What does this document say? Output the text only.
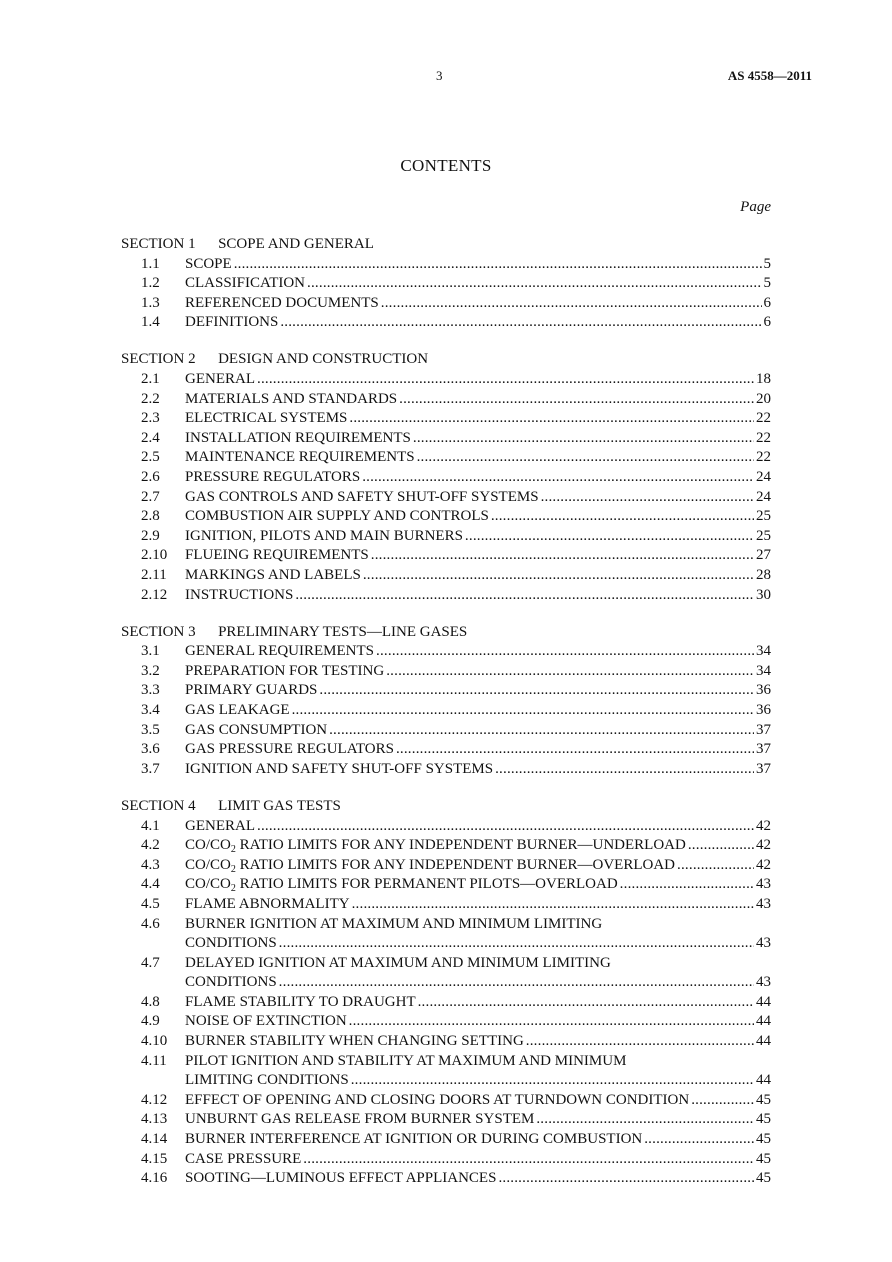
3	AS 4558—2011
CONTENTS
Page
SECTION 1   SCOPE AND GENERAL
1.1	SCOPE .....	5
1.2	CLASSIFICATION .....	5
1.3	REFERENCED DOCUMENTS .....	6
1.4	DEFINITIONS .....	6
SECTION 2   DESIGN AND CONSTRUCTION
2.1	GENERAL .....	18
2.2	MATERIALS AND STANDARDS .....	20
2.3	ELECTRICAL SYSTEMS .....	22
2.4	INSTALLATION REQUIREMENTS .....	22
2.5	MAINTENANCE REQUIREMENTS .....	22
2.6	PRESSURE REGULATORS .....	24
2.7	GAS CONTROLS AND SAFETY SHUT-OFF SYSTEMS .....	24
2.8	COMBUSTION AIR SUPPLY AND CONTROLS .....	25
2.9	IGNITION, PILOTS AND MAIN BURNERS .....	25
2.10	FLUEING REQUIREMENTS .....	27
2.11	MARKINGS AND LABELS .....	28
2.12	INSTRUCTIONS .....	30
SECTION 3   PRELIMINARY TESTS—LINE GASES
3.1	GENERAL REQUIREMENTS .....	34
3.2	PREPARATION FOR TESTING .....	34
3.3	PRIMARY GUARDS .....	36
3.4	GAS LEAKAGE .....	36
3.5	GAS CONSUMPTION .....	37
3.6	GAS PRESSURE REGULATORS .....	37
3.7	IGNITION AND SAFETY SHUT-OFF SYSTEMS .....	37
SECTION 4   LIMIT GAS TESTS
4.1	GENERAL .....	42
4.2	$CO/CO_2$ RATIO LIMITS FOR ANY INDEPENDENT BURNER—UNDERLOAD .....	42
4.3	$CO/CO_2$ RATIO LIMITS FOR ANY INDEPENDENT BURNER—OVERLOAD .....	42
4.4	$CO/CO_2$ RATIO LIMITS FOR PERMANENT PILOTS—OVERLOAD .....	43
4.5	FLAME ABNORMALITY .....	43
4.6	BURNER IGNITION AT MAXIMUM AND MINIMUM LIMITING
CONDITIONS .....	43
4.7	DELAYED IGNITION AT MAXIMUM AND MINIMUM LIMITING
CONDITIONS .....	43
4.8	FLAME STABILITY TO DRAUGHT .....	44
4.9	NOISE OF EXTINCTION .....	44
4.10	BURNER STABILITY WHEN CHANGING SETTING .....	44
4.11	PILOT IGNITION AND STABILITY AT MAXIMUM AND MINIMUM
LIMITING CONDITIONS .....	44
4.12	EFFECT OF OPENING AND CLOSING DOORS AT TURNDOWN CONDITION .....	45
4.13	UNBURNT GAS RELEASE FROM BURNER SYSTEM .....	45
4.14	BURNER INTERFERENCE AT IGNITION OR DURING COMBUSTION .....	45
4.15	CASE PRESSURE .....	45
4.16	SOOTING—LUMINOUS EFFECT APPLIANCES .....	45
